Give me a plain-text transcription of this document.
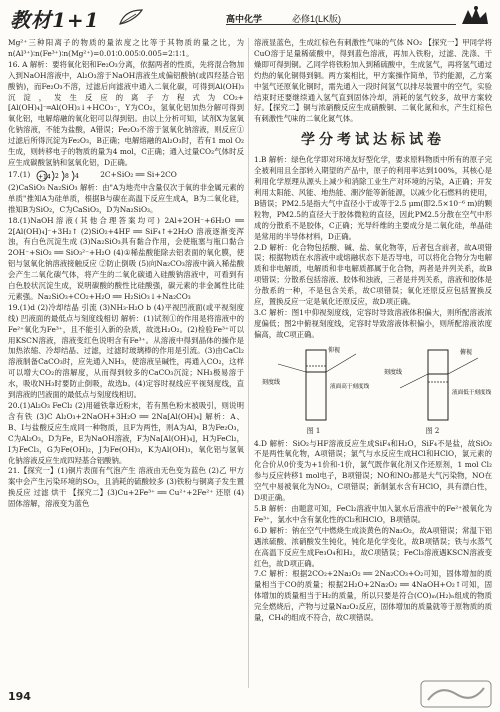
教材1+1	高中化学	必修1(LK版)

Mg²⁺三种阳离子的物质的量浓度之比等于其物质的量之比，为 n(Al³⁺)∶n(Fe³⁺)∶n(Mg²⁺)=0.01∶0.005∶0.005=2∶1∶1。

16. A 解析：要将氧化铝和Fe₂O₃分离，依据两者的性质，先将混合物加入到NaOH溶液中，Al₂O₃溶于NaOH溶液生成偏铝酸钠(或四羟基合铝酸钠)，而Fe₂O₃不溶，过滤后向滤液中通入二氧化碳，可得到Al(OH)₃沉淀，发生反应的离子方程式为CO₂+[Al(OH)₄]⁻═Al(OH)₃↓+HCO₃⁻，Y为CO₂，氢氧化铝加热分解可得到氧化铝，电解熔融的氧化铝可以得到铝。由以上分析可知，试剂X为氢氧化钠溶液，不能为盐酸，A错误；Fe₂O₃不溶于氢氧化钠溶液，则反应①过滤后所得沉淀为Fe₂O₃，B正确；电解熔融的Al₂O₃时，若有1 mol O₂生成，则转移电子的物质的量为4 mol，C正确；通入过量CO₂气体时反应生成碳酸氢钠和氢氧化铝，D正确。

17.(1) +14 2 8 4	2C+SiO₂ ══ Si+2CO

(2)CaSiO₃ Na₂SiO₃ 解析：由"A为地壳中含量仅次于氧的非金属元素的单质"推知A为硅单质，根据B与碳在高温下反应生成A，B为二氧化硅，推知B为SiO₂，C为CaSiO₃，D为Na₂SiO₃。

18.(1)NaOH溶液(其他合理答案均可) 2Al+2OH⁻+6H₂O ══ 2[Al(OH)₄]⁻+3H₂↑ (2)SiO₂+4HF ══ SiF₄↑+2H₂O 溶液逐渐变浑浊，有白色沉淀生成 (3)Na₂SiO₃具有黏合作用，会使瓶塞与瓶口黏合 2OH⁻+SiO₂ ══ SiO₃²⁻+H₂O (4)①稀盐酸能除去铝表面的氧化膜，使铝与氢氧化钠溶液接触反应 ②防止倒吸 (5)向Na₂CO₃溶液中滴入稀盐酸会产生二氧化碳气体，将产生的二氧化碳通入硅酸钠溶液中，可看到有白色胶状沉淀生成，说明碳酸的酸性比硅酸强，碳元素的非金属性比硅元素强。Na₂SiO₃+CO₂+H₂O ══ H₂SiO₃↓+Na₂CO₃

19.(1)d (2)冷却结晶 引流 (3)NH₃·H₂O b (4)平视凹液面(或平视刻度线) 凹液面的最低点与刻度线相切 解析：(1)试剂①的作用是将溶液中的Fe²⁺氧化为Fe³⁺，且不能引入新的杂质，故选H₂O₂。(2)检验Fe³⁺可以用KSCN溶液，溶液变红色说明含有Fe³⁺。从溶液中得到晶体的操作是加热浓缩、冷却结晶、过滤，过滤时玻璃棒的作用是引流。(3)由CaCl₂溶液制备CaCO₃时，应先通入NH₃，使溶液呈碱性，再通入CO₂，这样可以增大CO₂的溶解度，从而得到较多的CaCO₃沉淀；NH₃极易溶于水，吸收NH₃时要防止倒吸，故选b。(4)定容时视线应平视刻度线，直到溶液的凹液面的最低点与刻度线相切。

20.(1)Al₂O₃ FeCl₂ (2)用磁铁靠近粉末，若有黑色粉末被吸引，则说明含有铁 (3)C Al₂O₃+2NaOH+3H₂O ══ 2Na[Al(OH)₄] 解析：A、B、I与盐酸反应生成同一种物质，且F为两性，则A为Al，B为Fe₂O₃，C为Al₂O₃，D为Fe，E为NaOH溶液，F为Na[Al(OH)₄]，H为FeCl₂，I为FeCl₃，G为Fe(OH)₂，J为Fe(OH)₃，K为Al(OH)₃，氧化铝与氢氧化钠溶液反应生成四羟基合铝酸钠。

21.【探究一】(1)铜片表面有气泡产生 溶液由无色变为蓝色 (2)乙 甲方案中会产生污染环境的SO₂，且消耗的硫酸较多 (3)铁粉与铜离子发生置换反应 过滤 烘干 【探究二】(3)Cu+2Fe³⁺ ══ Cu²⁺+2Fe²⁺ 还原 (4)固体溶解，溶液变为蓝色

溶液显蓝色，生成红棕色有刺激性气味的气体 NO₂ 【探究一】甲同学将CuO溶于足量稀硫酸中，得到蓝色溶液，再加入铁粉，过滤、洗涤、干燥即可得到铜。乙同学将铁粉加入到稀硫酸中，生成氢气，再将氢气通过灼热的氧化铜得到铜。两方案相比，甲方案操作简单，节约能源，乙方案中氢气还原氧化铜时，需先通入一段时间氢气以排尽装置中的空气，实验结束时还要继续通入氢气直到固体冷却，消耗的氢气较多，故甲方案较好。【探究二】铜与浓硝酸反应生成硝酸铜、二氧化氮和水，产生红棕色有刺激性气味的二氧化氮气体。

学分考试达标试卷

1.B 解析：绿色化学即对环境友好型化学，要求原料物质中所有的原子完全被利用且全部转入期望的产品中，原子的利用率达到100%，其核心是利用化学原理从源头上减少和消除工业生产对环境的污染，A正确；开发利用太阳能、风能、地热能、潮汐能等新能源，以减少化石燃料的使用，B错误；PM2.5是指大气中直径小于或等于2.5 μm(即2.5×10⁻⁶ m)的颗粒物，PM2.5的直径大于胶体微粒的直径，因此PM2.5分散在空气中形成的分散系不是胶体，C正确；光导纤维的主要成分是二氧化硅，单晶硅是常用的半导体材料，D正确。

2.D 解析：化合物包括酸、碱、盐、氧化物等，后者包含前者，故A项错误；根据物质在水溶液中或熔融状态下是否导电，可以将化合物分为电解质和非电解质，电解质和非电解质都属于化合物，两者是并列关系，故B项错误；分散系包括溶液、胶体和浊液，三者是并列关系，溶液和胶体是分散系的一种，不是包含关系，故C项错误；氧化还原反应包括置换反应，置换反应一定是氧化还原反应，故D项正确。

3.C 解析：图1中仰视刻度线，定容时导致溶液体积偏大，则所配溶液浓度偏低；图2中俯视刻度线，定容时导致溶液体积偏小，则所配溶液浓度偏高，故C项正确。

刻度线
仰视
液面高于刻度线
刻度线
俯视
液面低于刻度线
图 1	图 2

4.D 解析：SiO₂与HF溶液反应生成SiF₄和H₂O，SiF₄不是盐，故SiO₂不是两性氧化物，A项错误；氯气与水反应生成HCl和HClO，氯元素的化合价从0价变为+1价和-1价，氯气既作氧化剂又作还原剂，1 mol Cl₂参与反应转移1 mol电子，B项错误；NO和NO₂都是大气污染物，NO在空气中易被氧化为NO₂，C项错误；新制氯水含有HClO，具有漂白性，D项正确。

5.B 解析：由题意可知，FeCl₂溶液中加入氯水后溶液中的Fe²⁺被氧化为Fe³⁺，氯水中含有氯化性的Cl₂和HClO，B项错误。

6.D 解析：钠在空气中燃烧生成淡黄色的Na₂O₂，故A项错误；常温下铝遇浓硫酸、浓硝酸发生钝化，钝化是化学变化，故B项错误；铁与水蒸气在高温下反应生成Fe₃O₄和H₂，故C项错误；FeCl₃溶液遇KSCN溶液变红色，故D项正确。

7.C 解析：根据2CO₂+2Na₂O₂ ══ 2Na₂CO₃+O₂可知，固体增加的质量相当于CO的质量；根据2H₂O+2Na₂O₂ ══ 4NaOH+O₂↑可知，固体增加的质量相当于H₂的质量，所以只要是符合(CO)ₘ(H₂)ₙ组成的物质完全燃烧后，产物与过量Na₂O₂反应，固体增加的质量就等于原物质的质量，CH₄的组成不符合，故C项错误。

194
